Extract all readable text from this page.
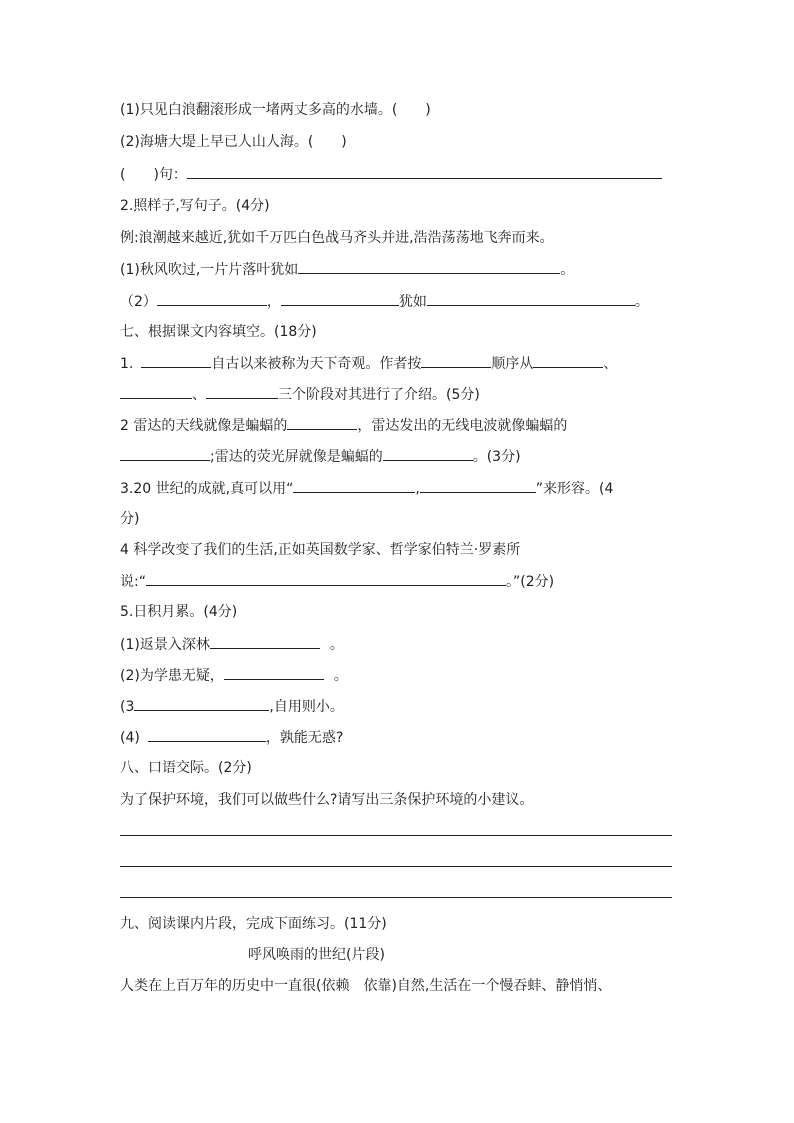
(1)只见白浪翻滚形成一堵两丈多高的水墙。(　　)
(2)海塘大堤上早已人山人海。(　　)
(　　)句：
2.照样子,写句子。(4分)
例:浪潮越来越近,犹如千万匹白色战马齐头并进,浩浩荡荡地飞奔而来。
(1)秋风吹过,一片片落叶犹如	。
（2）	，	犹如	。
七、根据课文内容填空。(18分)
1.	自古以来被称为天下奇观。作者按	顺序从	、
、	三个阶段对其进行了介绍。(5分)
2 雷达的天线就像是蝙蝠的	，雷达发出的无线电波就像蝙蝠的
;雷达的荧光屏就像是蝙蝠的	。(3分)
3.20 世纪的成就,真可以用“	,	”来形容。(4
分)
4 科学改变了我们的生活,正如英国数学家、哲学家伯特兰·罗素所
说:“	。”(2分)
5.日积月累。(4分)
(1)返景入深林	。
(2)为学患无疑，	。
(3	,自用则小。
(4)	，孰能无惑?
八、口语交际。(2分)
为了保护环境，我们可以做些什么?请写出三条保护环境的小建议。
九、阅读课内片段，完成下面练习。(11分)
呼风唤雨的世纪(片段)
人类在上百万年的历史中一直很(依赖　依靠)自然,生活在一个慢吞蚌、静悄悄、
